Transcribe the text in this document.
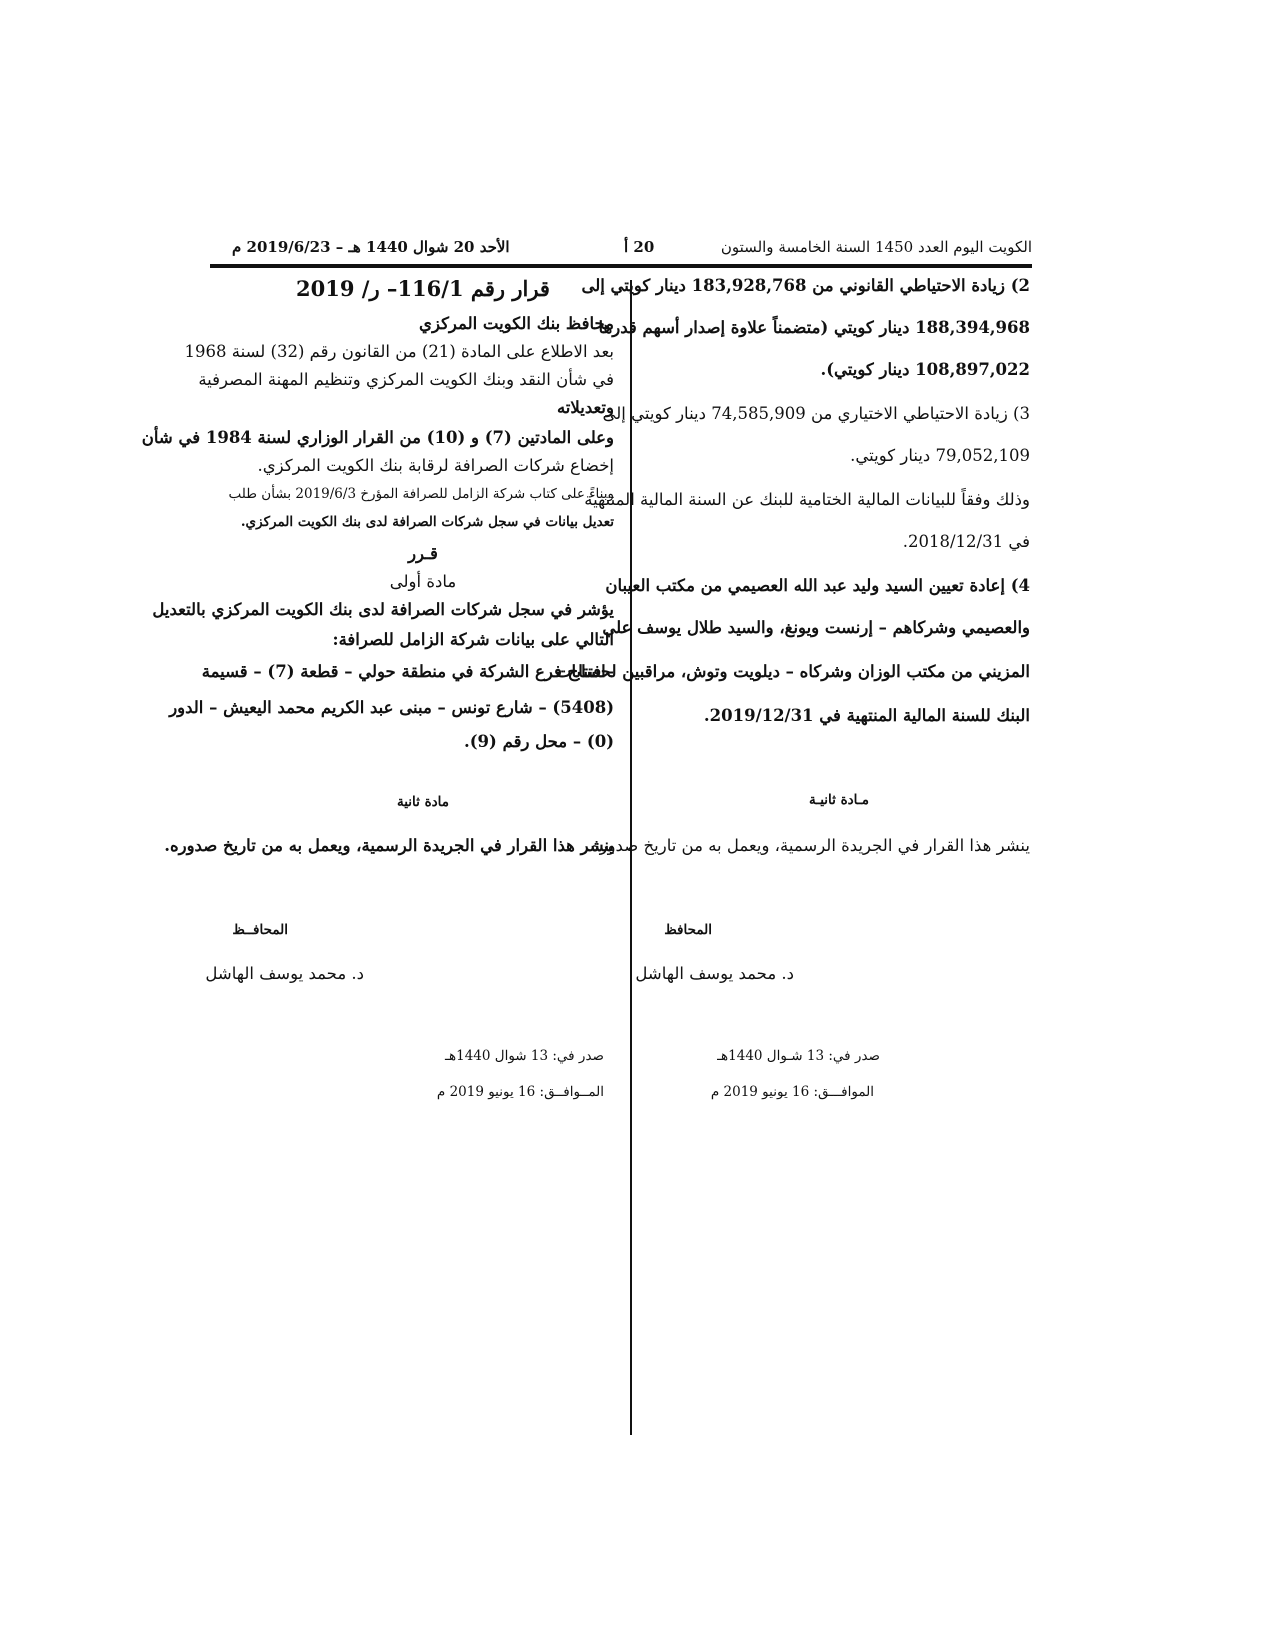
الكويت اليوم العدد 1450 السنة الخامسة والستون
20 أ
الأحد 20 شوال 1440 هـ – 2019/6/23 م
2) زيادة الاحتياطي القانوني من 183,928,768 دينار كويتي إلى
188,394,968 دينار كويتي (متضمناً علاوة إصدار أسهم قدرها
108,897,022 دينار كويتي).
3) زيادة الاحتياطي الاختياري من 74,585,909 دينار كويتي إلى
79,052,109 دينار كويتي.
وذلك وفقاً للبيانات المالية الختامية للبنك عن السنة المالية المنتهية
في 2018/12/31.
4) إعادة تعيين السيد وليد عبد الله العصيمي من مكتب العيبان
والعصيمي وشركاهم – إرنست ويونغ، والسيد طلال يوسف علي
المزيني من مكتب الوزان وشركاه – ديلويت وتوش، مراقبين لحسابات
البنك للسنة المالية المنتهية في 2019/12/31.
مـادة ثانيـة
ينشر هذا القرار في الجريدة الرسمية، ويعمل به من تاريخ صدوره.
المحافظ
د. محمد يوسف الهاشل
صدر في: 13 شـوال 1440هـ
الموافـــق: 16 يونيو 2019 م
قرار رقم 116/1– ر/ 2019
محافظ بنك الكويت المركزي
بعد الاطلاع على المادة (21) من القانون رقم (32) لسنة 1968
في شأن النقد وبنك الكويت المركزي وتنظيم المهنة المصرفية
وتعديلاته
وعلى المادتين (7) و (10) من القرار الوزاري لسنة 1984 في شأن
إخضاع شركات الصرافة لرقابة بنك الكويت المركزي.
وبناءً على كتاب شركة الزامل للصرافة المؤرخ 2019/6/3 بشأن طلب
تعديل بيانات في سجل شركات الصرافة لدى بنك الكويت المركزي.
قـرر
مادة أولى
يؤشر في سجل شركات الصرافة لدى بنك الكويت المركزي بالتعديل
التالي على بيانات شركة الزامل للصرافة:
–افتتاح فرع الشركة في منطقة حولي – قطعة (7) – قسيمة
(5408) – شارع تونس – مبنى عبد الكريم محمد اليعيش – الدور
(0) – محل رقم (9).
مادة ثانية
ينشر هذا القرار في الجريدة الرسمية، ويعمل به من تاريخ صدوره.
المحافــظ
د. محمد يوسف الهاشل
صدر في: 13 شوال 1440هـ
المــوافــق: 16 يونيو 2019 م
